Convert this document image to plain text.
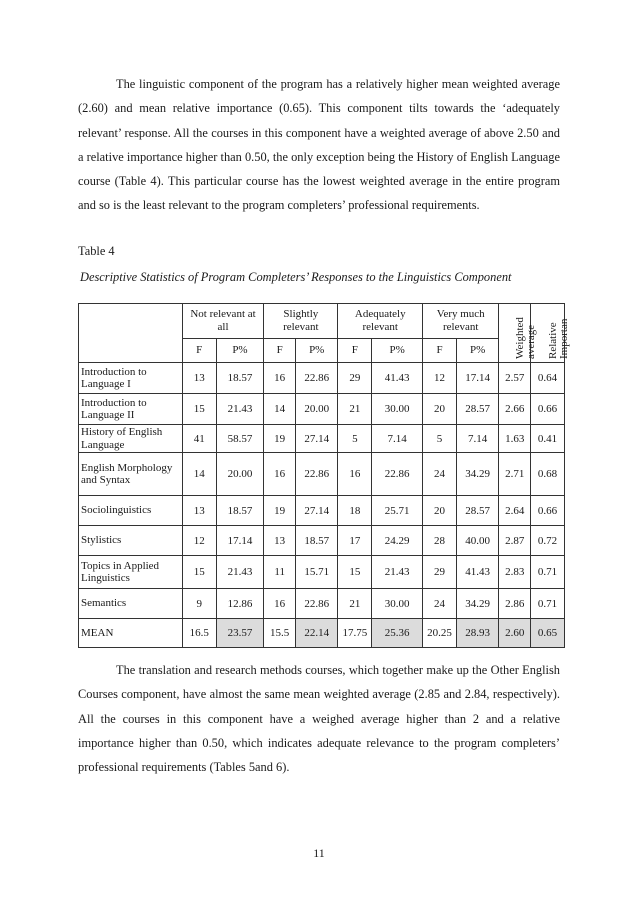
The linguistic component of the program has a relatively higher mean weighted average (2.60) and mean relative importance (0.65). This component tilts towards the ‘adequately relevant’ response. All the courses in this component have a weighted average of above 2.50 and a relative importance higher than 0.50, the only exception being the History of English Language course (Table 4). This particular course has the lowest weighted average in the entire program and so is the least relevant to the program completers’ professional requirements.

Table 4

Descriptive Statistics of Program Completers’ Responses to the Linguistics Component

	Not relevant at all		Slightly relevant		Adequately relevant		Very much relevant		Weighted average	Relative Importan

	F	P%	F	P%	F	P%	F	P%		
Introduction to Language I	13	18.57	16	22.86	29	41.43	12	17.14	2.57	0.64
Introduction to Language II	15	21.43	14	20.00	21	30.00	20	28.57	2.66	0.66
History of English Language	41	58.57	19	27.14	5	7.14	5	7.14	1.63	0.41
English Morphology and Syntax	14	20.00	16	22.86	16	22.86	24	34.29	2.71	0.68
Sociolinguistics	13	18.57	19	27.14	18	25.71	20	28.57	2.64	0.66
Stylistics	12	17.14	13	18.57	17	24.29	28	40.00	2.87	0.72
Topics in Applied Linguistics	15	21.43	11	15.71	15	21.43	29	41.43	2.83	0.71
Semantics	9	12.86	16	22.86	21	30.00	24	34.29	2.86	0.71
MEAN	16.5	23.57	15.5	22.14	17.75	25.36	20.25	28.93	2.60	0.65

The translation and research methods courses, which together make up the Other English Courses component, have almost the same mean weighted average (2.85 and 2.84, respectively). All the courses in this component have a weighed average higher than 2 and a relative importance higher than 0.50, which indicates adequate relevance to the program completers’ professional requirements (Tables 5and 6).

11
